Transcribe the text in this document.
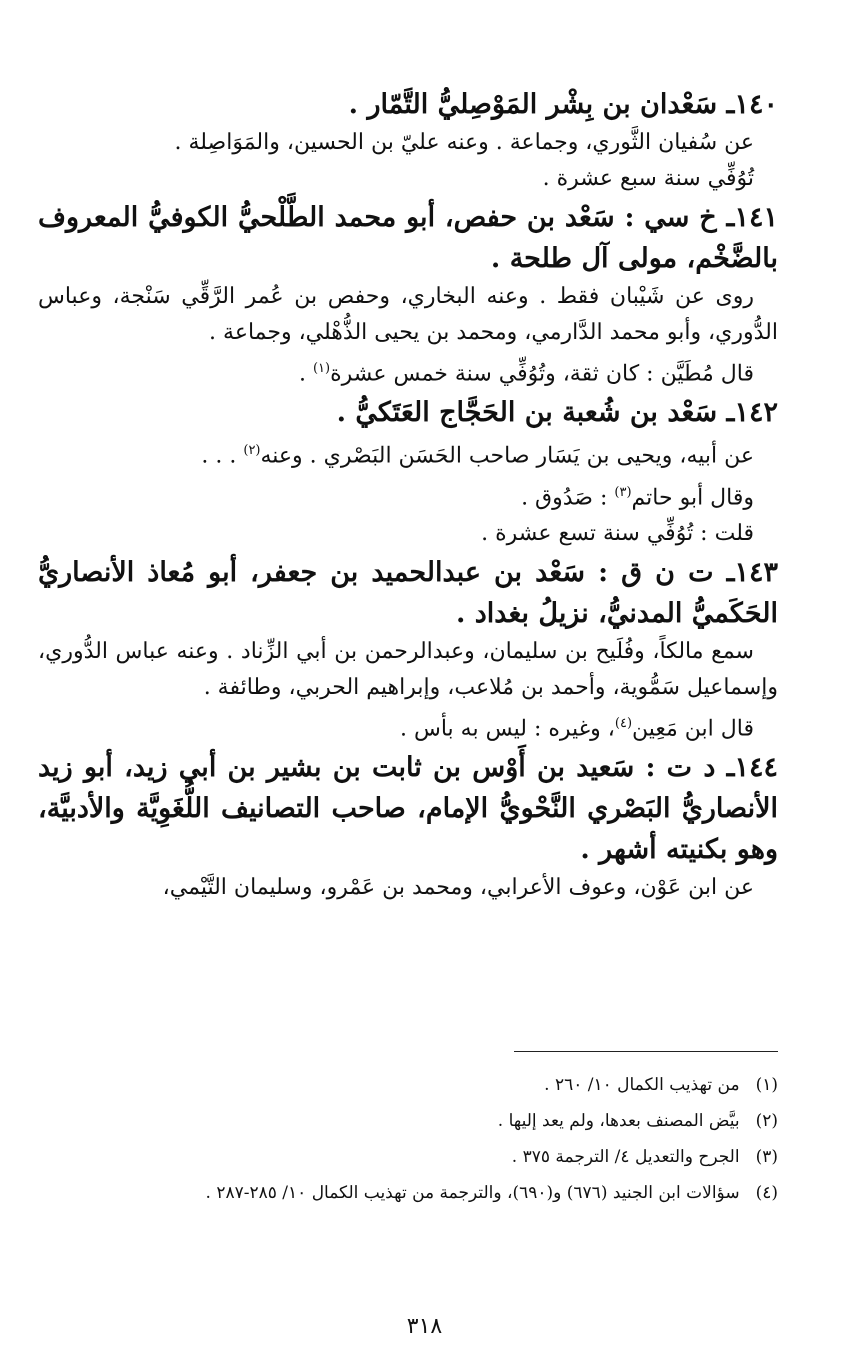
١٤٠ـ سَعْدان بن بِشْر المَوْصِليُّ التَّمّار .

عن سُفيان الثَّوري، وجماعة . وعنه عليّ بن الحسين، والمَوَاصِلة .

تُوُفِّي سنة سبع عشرة .

١٤١ـ خ سي : سَعْد بن حفص، أبو محمد الطَّلْحيُّ الكوفيُّ المعروف بالضَّخْم، مولى آل طلحة .

روى عن شَيْبان فقط . وعنه البخاري، وحفص بن عُمر الرَّقِّي سَنْجة، وعباس الدُّوري، وأبو محمد الدَّارمي، ومحمد بن يحيى الذُّهْلي، وجماعة .

قال مُطَيَّن : كان ثقة، وتُوُفِّي سنة خمس عشرة$^{(١)}$ .

١٤٢ـ سَعْد بن شُعبة بن الحَجَّاج العَتَكيُّ .

عن أبيه، ويحيى بن يَسَار صاحب الحَسَن البَصْري . وعنه$^{(٢)}$ . . .

وقال أبو حاتم$^{(٣)}$ : صَدُوق .

قلت : تُوُفِّي سنة تسع عشرة .

١٤٣ـ ت ن ق : سَعْد بن عبدالحميد بن جعفر، أبو مُعاذ الأنصاريُّ الحَكَميُّ المدنيُّ، نزيلُ بغداد .

سمع مالكاً، وفُلَيح بن سليمان، وعبدالرحمن بن أبي الزِّناد . وعنه عباس الدُّوري، وإسماعيل سَمُّوية، وأحمد بن مُلاعب، وإبراهيم الحربي، وطائفة .

قال ابن مَعِين$^{(٤)}$، وغيره : ليس به بأس .

١٤٤ـ د ت : سَعيد بن أَوْس بن ثابت بن بشير بن أبي زيد، أبو زيد الأنصاريُّ البَصْري النَّحْويُّ الإمام، صاحب التصانيف اللُّغَوِيَّة والأدبيَّة، وهو بكنيته أشهر .

عن ابن عَوْن، وعوف الأعرابي، ومحمد بن عَمْرو، وسليمان التَّيْمي،

(١)
من تهذيب الكمال ١٠/ ٢٦٠ .

(٢)
بيَّض المصنف بعدها، ولم يعد إليها .

(٣)
الجرح والتعديل ٤/ الترجمة ٣٧٥ .

(٤)
سؤالات ابن الجنيد (٦٧٦) و(٦٩٠)، والترجمة من تهذيب الكمال ١٠/ ٢٨٥-٢٨٧ .

٣١٨
